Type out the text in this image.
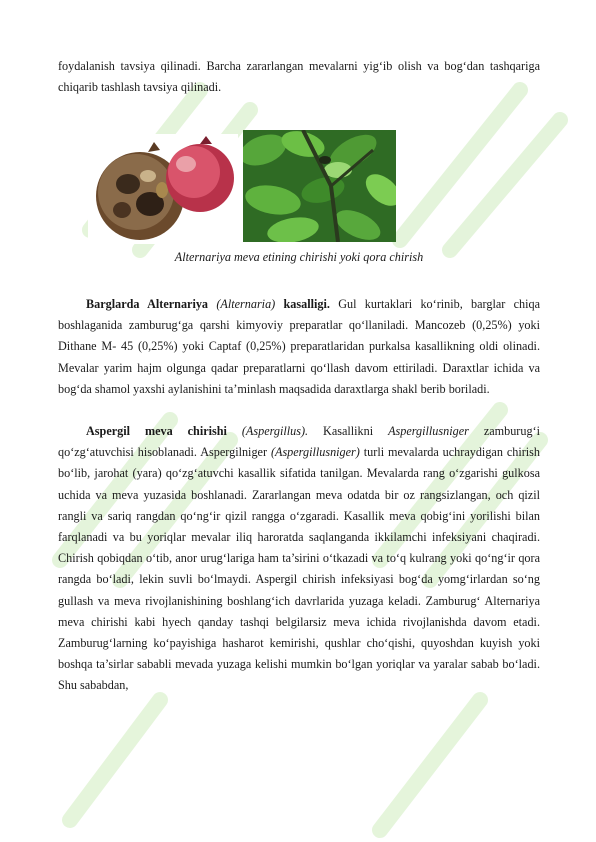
foydalanish tavsiya qilinadi. Barcha zararlangan mevalarni yig‘ib olish va bog‘dan tashqariga chiqarib tashlash tavsiya qilinadi.
Alternariya meva etining chirishi yoki qora chirish
Barglarda Alternariya (Alternaria) kasalligi. Gul kurtaklari ko‘rinib, barglar chiqa boshlaganida zamburug‘ga qarshi kimyoviy preparatlar qo‘llaniladi. Mancozeb (0,25%) yoki Dithane M- 45 (0,25%) yoki Captaf (0,25%) preparatlaridan purkalsa kasallikning oldi olinadi. Mevalar yarim hajm olgunga qadar preparatlarni qo‘llash davom ettiriladi. Daraxtlar ichida va bog‘da shamol yaxshi aylanishini ta’minlash maqsadida daraxtlarga shakl berib boriladi.
Aspergil meva chirishi (Aspergillus). Kasallikni Aspergillusniger zamburug‘i qo‘zg‘atuvchisi hisoblanadi. Aspergilniger (Aspergillusniger) turli mevalarda uchraydigan chirish bo‘lib, jarohat (yara) qo‘zg‘atuvchi kasallik sifatida tanilgan. Mevalarda rang o‘zgarishi gulkosa uchida va meva yuzasida boshlanadi. Zararlangan meva odatda bir oz rangsizlangan, och qizil rangli va sariq rangdan qo‘ng‘ir qizil rangga o‘zgaradi. Kasallik meva qobig‘ini yorilishi bilan farqlanadi va bu yoriqlar mevalar iliq haroratda saqlanganda ikkilamchi infeksiyani chaqiradi. Chirish qobiqdan o‘tib, anor urug‘lariga ham ta’sirini o‘tkazadi va to‘q kulrang yoki qo‘ng‘ir qora rangda bo‘ladi, lekin suvli bo‘lmaydi. Aspergil chirish infeksiyasi bog‘da yomg‘irlardan so‘ng gullash va meva rivojlanishining boshlang‘ich davrlarida yuzaga keladi. Zamburug‘ Alternariya meva chirishi kabi hyech qanday tashqi belgilarsiz meva ichida rivojlanishda davom etadi. Zamburug‘larning ko‘payishiga hasharot kemirishi, qushlar cho‘qishi, quyoshdan kuyish yoki boshqa ta’sirlar sababli mevada yuzaga kelishi mumkin bo‘lgan yoriqlar va yaralar sabab bo‘ladi. Shu sababdan,
